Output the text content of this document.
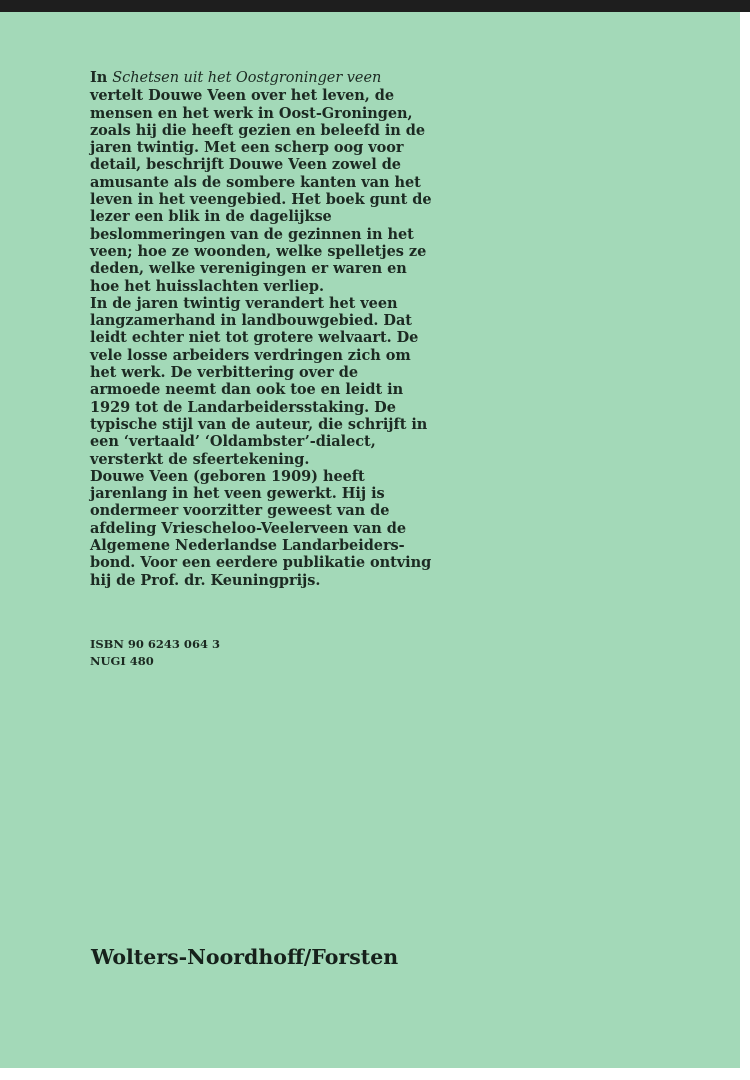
In Schetsen uit het Oostgroninger veen
vertelt Douwe Veen over het leven, de
mensen en het werk in Oost-Groningen,
zoals hij die heeft gezien en beleefd in de
jaren twintig. Met een scherp oog voor
detail, beschrijft Douwe Veen zowel de
amusante als de sombere kanten van het
leven in het veengebied. Het boek gunt de
lezer een blik in de dagelijkse
beslommeringen van de gezinnen in het
veen; hoe ze woonden, welke spelletjes ze
deden, welke verenigingen er waren en
hoe het huisslachten verliep.
In de jaren twintig verandert het veen
langzamerhand in landbouwgebied. Dat
leidt echter niet tot grotere welvaart. De
vele losse arbeiders verdringen zich om
het werk. De verbittering over de
armoede neemt dan ook toe en leidt in
1929 tot de Landarbeidersstaking. De
typische stijl van de auteur, die schrijft in
een ‘vertaald’ ‘Oldambster’-dialect,
versterkt de sfeertekening.
Douwe Veen (geboren 1909) heeft
jarenlang in het veen gewerkt. Hij is
ondermeer voorzitter geweest van de
afdeling Vriescheloo-Veelerveen van de
Algemene Nederlandse Landarbeiders-
bond. Voor een eerdere publikatie ontving
hij de Prof. dr. Keuningprijs.
ISBN 90 6243 064 3
NUGI 480
Wolters-Noordhoff/Forsten
